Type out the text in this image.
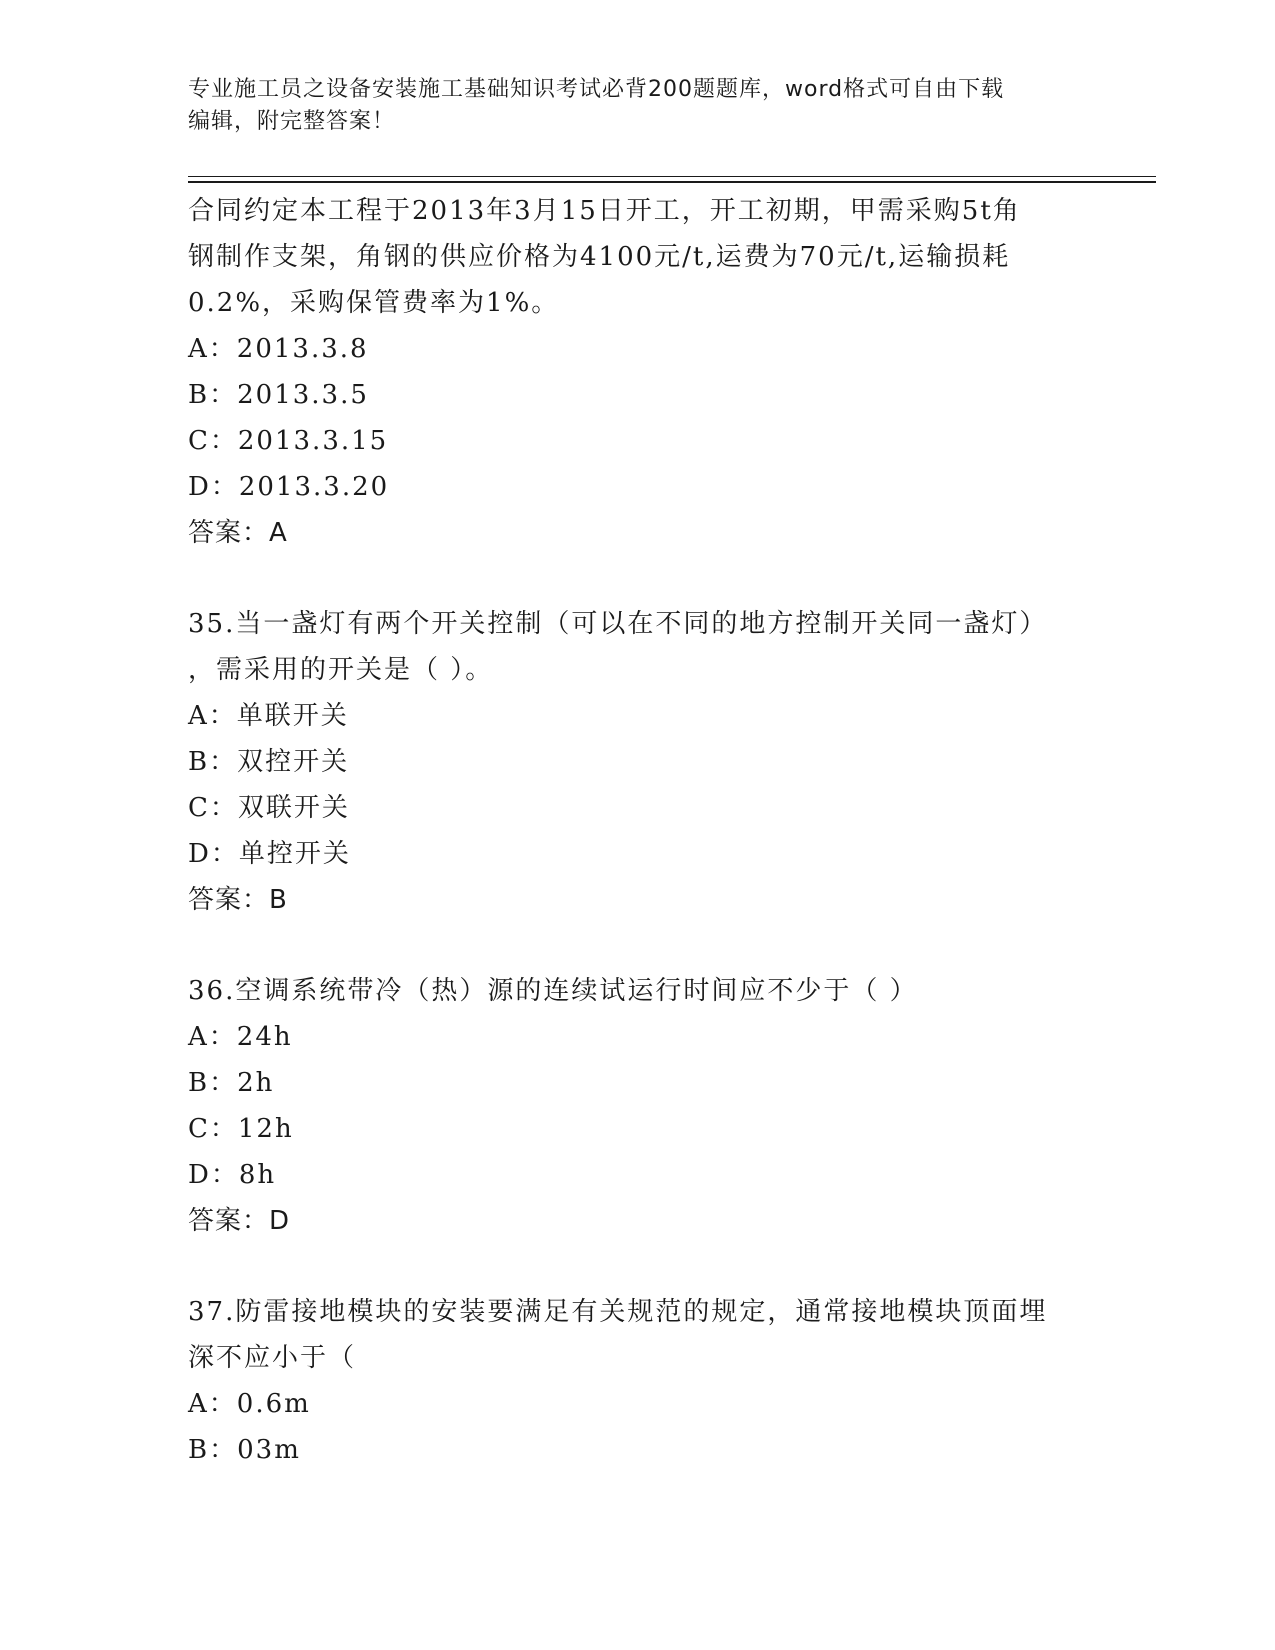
专业施工员之设备安装施工基础知识考试必背200题题库，word格式可自由下载
编辑，附完整答案！

合同约定本工程于2013年3月15日开工，开工初期，甲需采购5t角
钢制作支架，角钢的供应价格为4100元/t,运费为70元/t,运输损耗
0.2%，采购保管费率为1%。

A：2013.3.8

B：2013.3.5

C：2013.3.15

D：2013.3.20

答案：A

35.当一盏灯有两个开关控制（可以在不同的地方控制开关同一盏灯）
，需采用的开关是（ ）。

A：单联开关

B：双控开关

C：双联开关

D：单控开关

答案：B

36.空调系统带冷（热）源的连续试运行时间应不少于（ ）

A：24h

B：2h

C：12h

D：8h

答案：D

37.防雷接地模块的安装要满足有关规范的规定，通常接地模块顶面埋
深不应小于（

A：0.6m

B：03m
